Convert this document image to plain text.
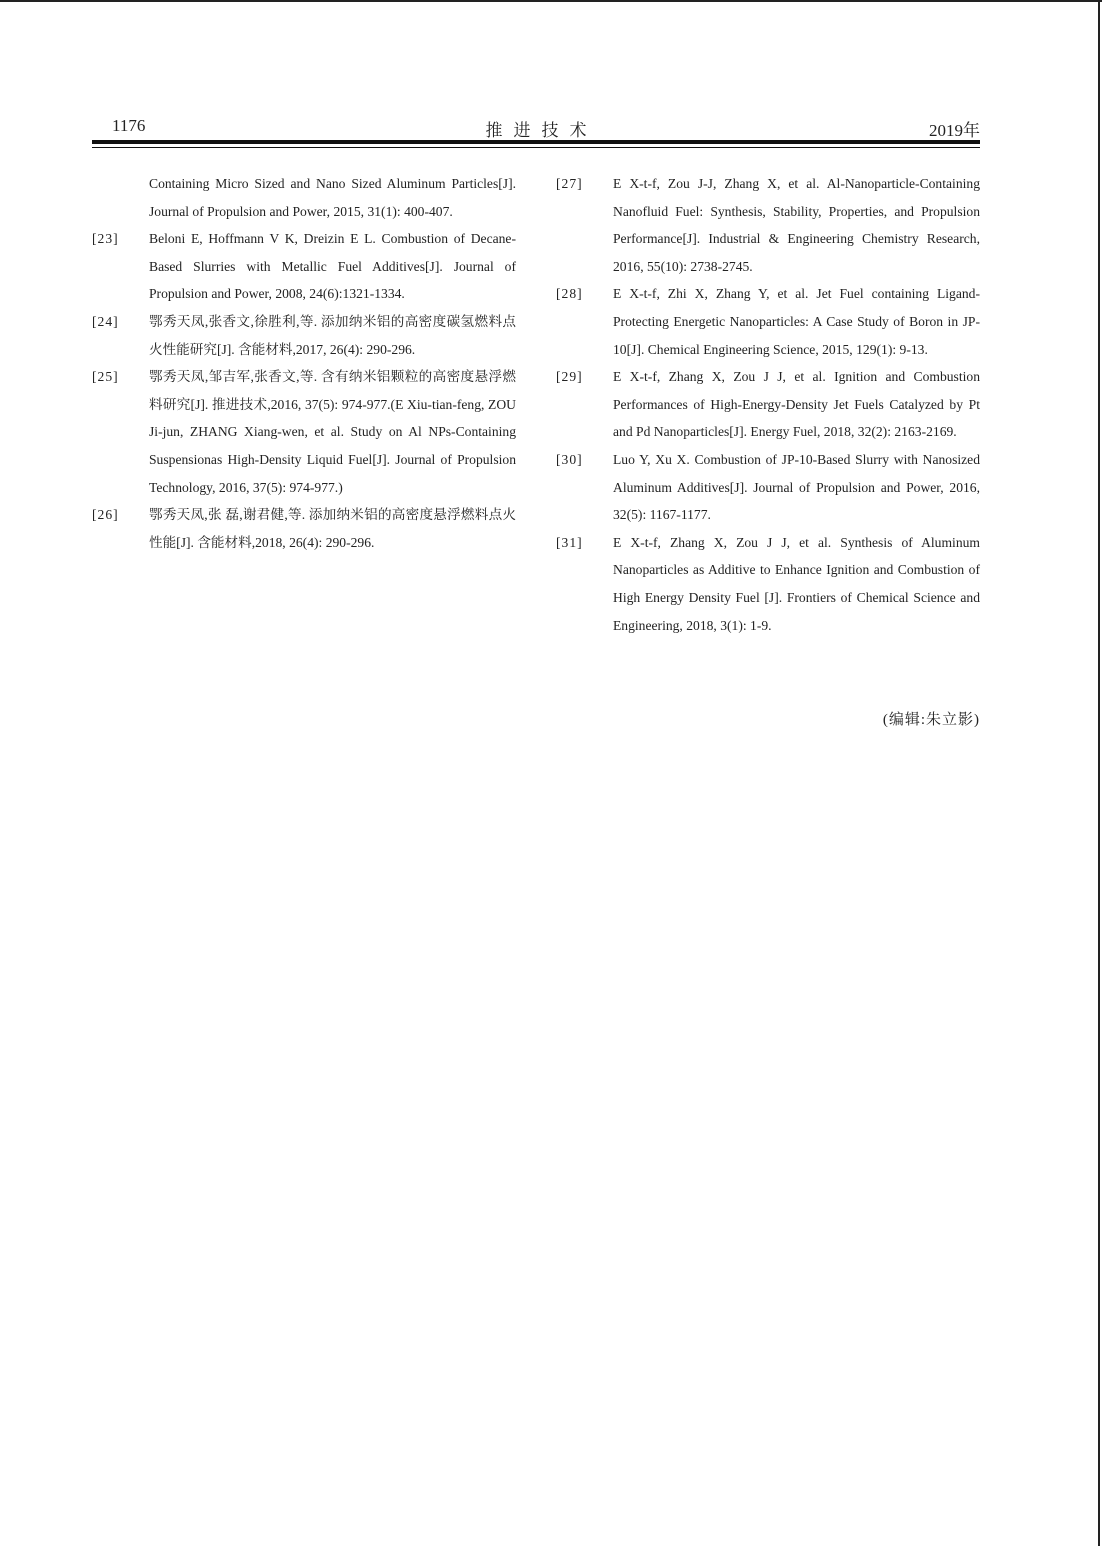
1176	推进技术	2019年
Containing Micro Sized and Nano Sized Aluminum Particles[J]. Journal of Propulsion and Power, 2015, 31(1): 400-407.
[23] Beloni E, Hoffmann V K, Dreizin E L. Combustion of Decane-Based Slurries with Metallic Fuel Additives[J]. Journal of Propulsion and Power, 2008, 24(6):1321-1334.
[24] 鄂秀天凤,张香文,徐胜利,等. 添加纳米铝的高密度碳氢燃料点火性能研究[J]. 含能材料,2017, 26(4): 290-296.
[25] 鄂秀天凤,邹吉军,张香文,等. 含有纳米铝颗粒的高密度悬浮燃料研究[J]. 推进技术,2016, 37(5): 974-977.(E Xiu-tian-feng, ZOU Ji-jun, ZHANG Xiang-wen, et al. Study on Al NPs-Containing Suspensionas High-Density Liquid Fuel[J]. Journal of Propulsion Technology, 2016, 37(5): 974-977.)
[26] 鄂秀天凤,张 磊,谢君健,等. 添加纳米铝的高密度悬浮燃料点火性能[J]. 含能材料,2018, 26(4): 290-296.
[27] E X-t-f, Zou J-J, Zhang X, et al. Al-Nanoparticle-Containing Nanofluid Fuel: Synthesis, Stability, Properties, and Propulsion Performance[J]. Industrial & Engineering Chemistry Research, 2016, 55(10): 2738-2745.
[28] E X-t-f, Zhi X, Zhang Y, et al. Jet Fuel containing Ligand-Protecting Energetic Nanoparticles: A Case Study of Boron in JP-10[J]. Chemical Engineering Science, 2015, 129(1): 9-13.
[29] E X-t-f, Zhang X, Zou J J, et al. Ignition and Combustion Performances of High-Energy-Density Jet Fuels Catalyzed by Pt and Pd Nanoparticles[J]. Energy Fuel, 2018, 32(2): 2163-2169.
[30] Luo Y, Xu X. Combustion of JP-10-Based Slurry with Nanosized Aluminum Additives[J]. Journal of Propulsion and Power, 2016, 32(5): 1167-1177.
[31] E X-t-f, Zhang X, Zou J J, et al. Synthesis of Aluminum Nanoparticles as Additive to Enhance Ignition and Combustion of High Energy Density Fuel [J]. Frontiers of Chemical Science and Engineering, 2018, 3(1): 1-9.
(编辑:朱立影)
